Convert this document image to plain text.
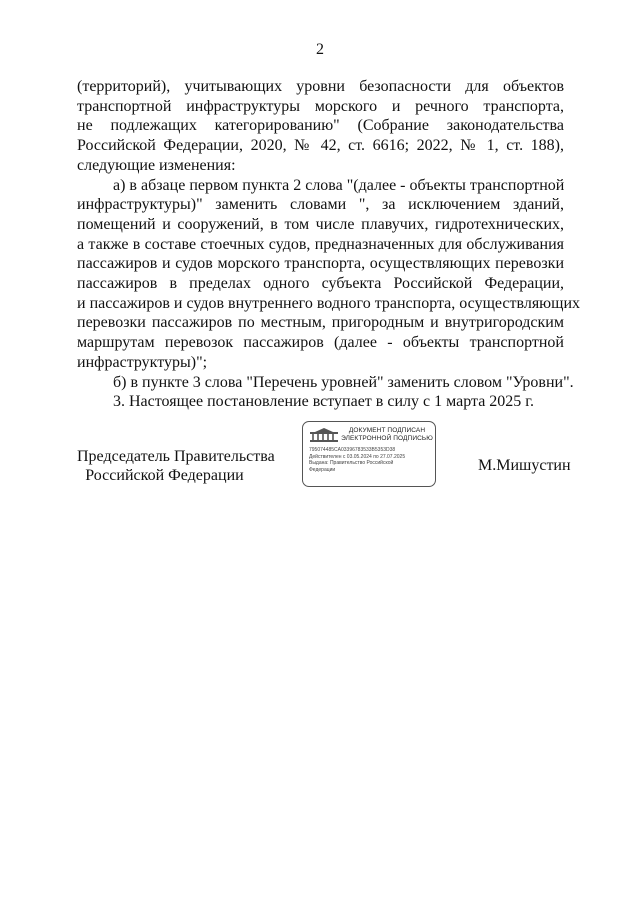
2
(территорий), учитывающих уровни безопасности для объектов
транспортной инфраструктуры морского и речного транспорта,
не подлежащих категорированию" (Собрание законодательства
Российской Федерации, 2020, № 42, ст. 6616; 2022, № 1, ст. 188),
следующие изменения:
а) в абзаце первом пункта 2 слова "(далее - объекты транспортной
инфраструктуры)" заменить словами ", за исключением зданий,
помещений и сооружений, в том числе плавучих, гидротехнических,
а также в составе стоечных судов, предназначенных для обслуживания
пассажиров и судов морского транспорта, осуществляющих перевозки
пассажиров в пределах одного субъекта Российской Федерации,
и пассажиров и судов внутреннего водного транспорта, осуществляющих
перевозки пассажиров по местным, пригородным и внутригородским
маршрутам перевозок пассажиров (далее - объекты транспортной
инфраструктуры)";
б) в пункте 3 слова "Перечень уровней" заменить словом "Уровни".
3. Настоящее постановление вступает в силу с 1 марта 2025 г.
Председатель Правительства
Российской Федерации
ДОКУМЕНТ ПОДПИСАН
ЭЛЕКТРОННОЙ ПОДПИСЬЮ
795074485CA03396783533B5353D38
Действителен с 03.05.2024 по 27.07.2025
Выдана: Правительство Российской
Федерации	М.Мишустин
